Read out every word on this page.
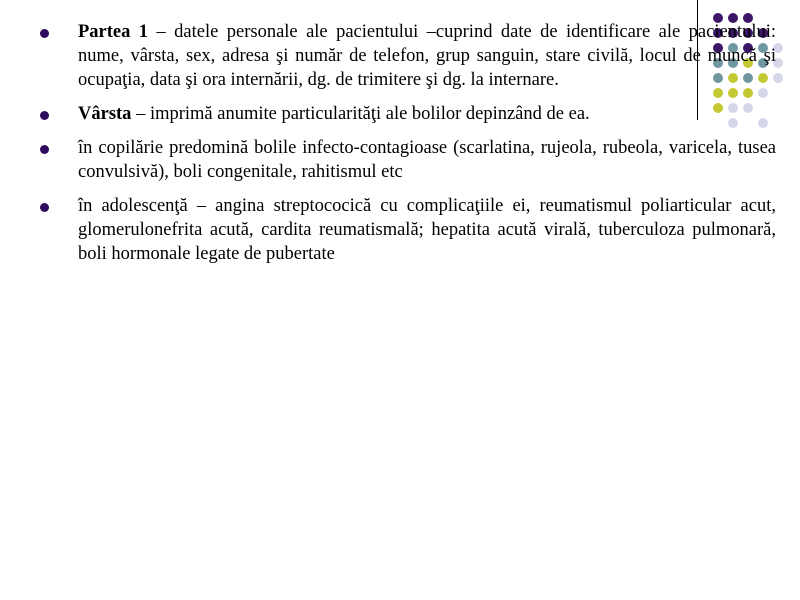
Partea 1 – datele personale ale pacientului –cuprind date de identificare ale pacientului: nume, vârsta, sex, adresa şi număr de telefon, grup sanguin, stare civilă, locul de muncă şi ocupaţia, data şi ora internării, dg. de trimitere şi dg. la internare.
Vârsta – imprimă anumite particularităţi ale bolilor depinzând de ea.
în copilărie predomină bolile infecto-contagioase (scarlatina, rujeola, rubeola, varicela, tusea convulsivă), boli congenitale, rahitismul etc
în adolescenţă – angina streptococică cu complicaţiile ei, reumatismul poliarticular acut, glomerulonefrita acută, cardita reumatismală; hepatita acută virală, tuberculoza pulmonară, boli hormonale legate de pubertate
